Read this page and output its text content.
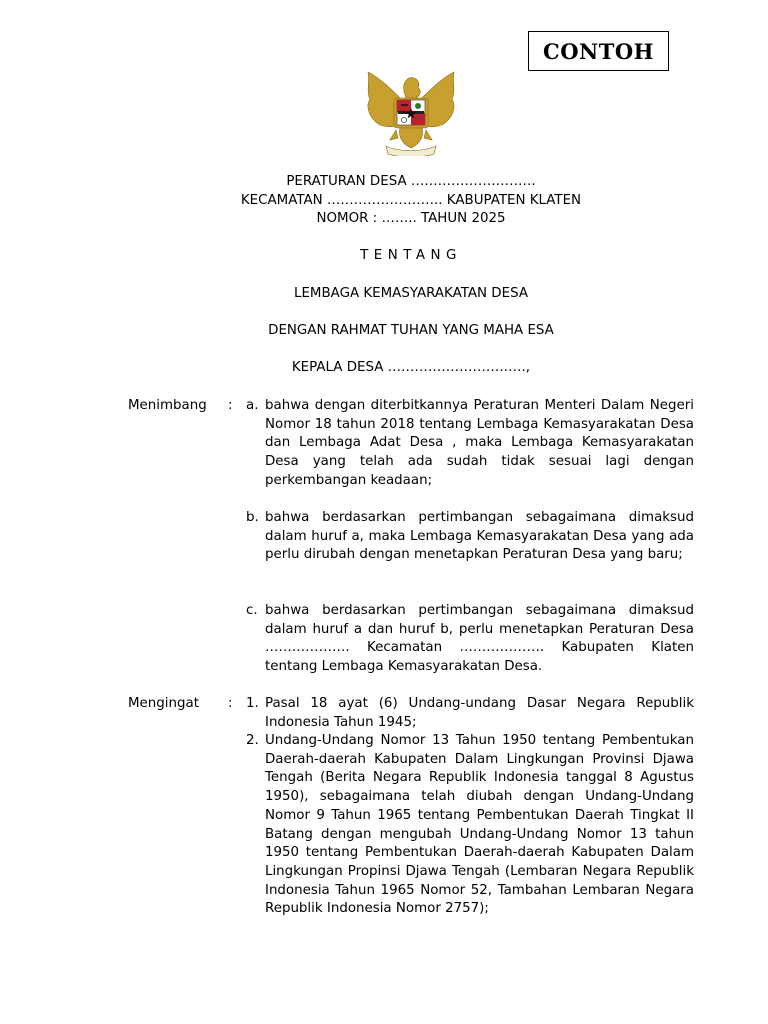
CONTOH
PERATURAN DESA ……………………….
KECAMATAN …………………….. KABUPATEN KLATEN
NOMOR : …….. TAHUN 2025
TENTANG
LEMBAGA KEMASYARAKATAN DESA
DENGAN RAHMAT TUHAN YANG MAHA ESA
KEPALA DESA ………………………….,
Menimbang : a. bahwa dengan diterbitkannya Peraturan Menteri Dalam Negeri Nomor 18 tahun 2018 tentang Lembaga Kemasyarakatan Desa dan Lembaga Adat Desa , maka Lembaga Kemasyarakatan Desa yang telah ada sudah tidak sesuai lagi dengan perkembangan keadaan;
b. bahwa berdasarkan pertimbangan sebagaimana dimaksud dalam huruf a, maka Lembaga Kemasyarakatan Desa yang ada perlu dirubah dengan menetapkan Peraturan Desa yang baru;
c. bahwa berdasarkan pertimbangan sebagaimana dimaksud dalam huruf a dan huruf b, perlu menetapkan Peraturan Desa ………………. Kecamatan ………………. Kabupaten Klaten tentang Lembaga Kemasyarakatan Desa.
Mengingat : 1. Pasal 18 ayat (6) Undang-undang Dasar Negara Republik Indonesia Tahun 1945;
2. Undang-Undang Nomor 13 Tahun 1950 tentang Pembentukan Daerah-daerah Kabupaten Dalam Lingkungan Provinsi Djawa Tengah (Berita Negara Republik Indonesia tanggal 8 Agustus 1950), sebagaimana telah diubah dengan Undang-Undang Nomor 9 Tahun 1965 tentang Pembentukan Daerah Tingkat II Batang dengan mengubah Undang-Undang Nomor 13 tahun 1950 tentang Pembentukan Daerah-daerah Kabupaten Dalam Lingkungan Propinsi Djawa Tengah (Lembaran Negara Republik Indonesia Tahun 1965 Nomor 52, Tambahan Lembaran Negara Republik Indonesia Nomor 2757);
